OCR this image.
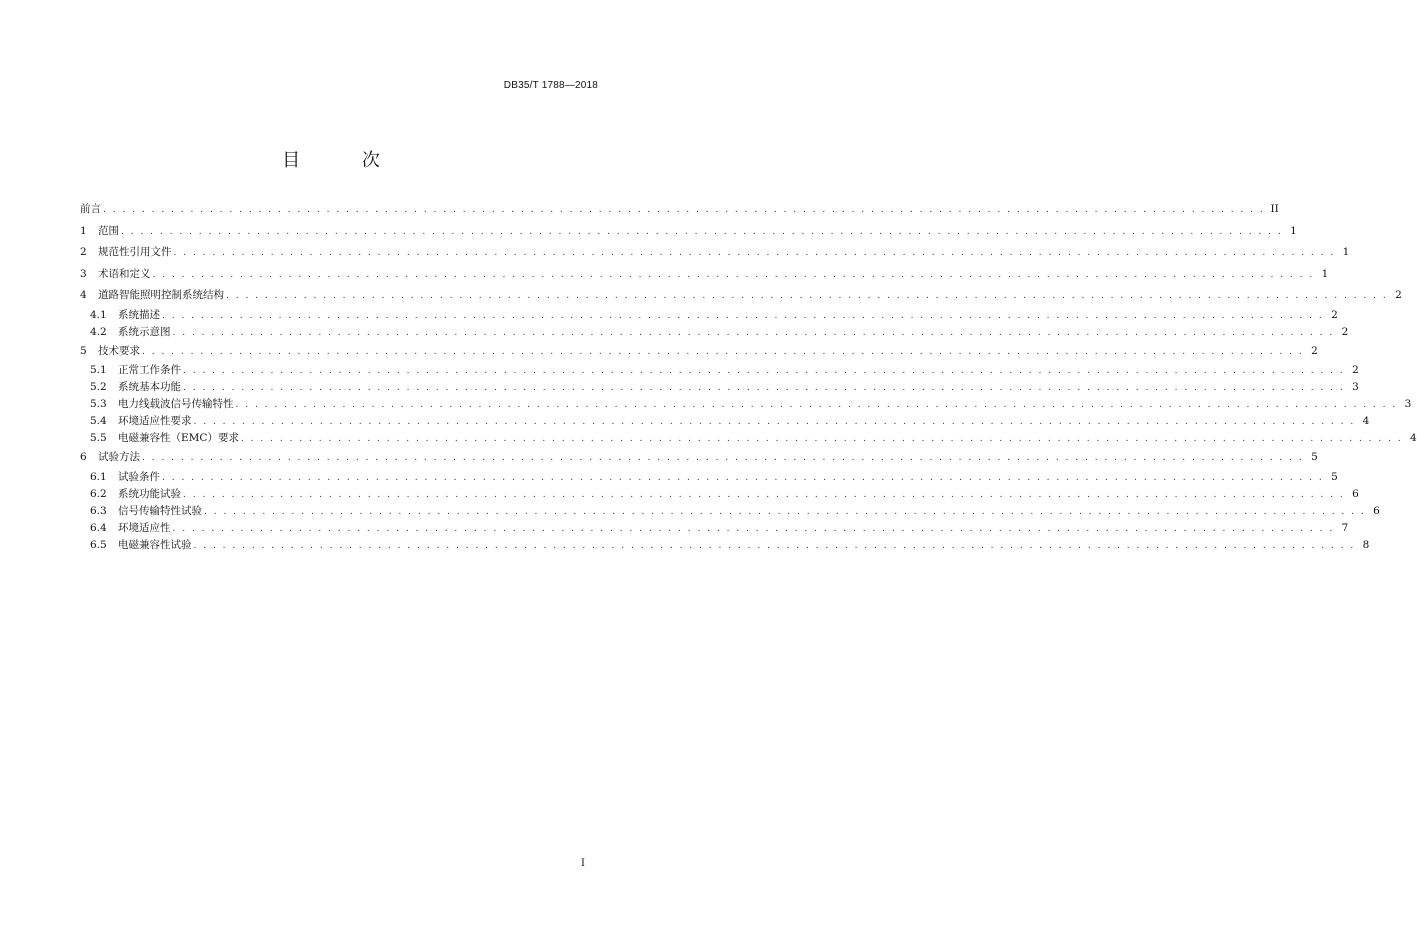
DB35/T 1788—2018
目 次
前言 . . . . . . . . . . . . . . . . . . . . . . . . . . . . . . . . . . . . . . . . . . . . . . . . . . . . . . . . . . . . . . . . . . . . . . . . . . . . . . . . . . . . . . . . . . . . . . . . . . . . . . . . . . . . . . . . . . . . . . . . II
1	范围 . . . . . . . . . . . . . . . . . . . . . . . . . . . . . . . . . . . . . . . . . . . . . . . . . . . . . . . . . . . . . . . . . . . . . . . . . . . . . . . . . . . . . . . . . . . . . . . . . . . . . . . . . . . . . . . . . . . . . . . . 1
2	规范性引用文件 . . . . . . . . . . . . . . . . . . . . . . . . . . . . . . . . . . . . . . . . . . . . . . . . . . . . . . . . . . . . . . . . . . . . . . . . . . . . . . . . . . . . . . . . . . . . . . . . . . . . . . . . . . . . . . . . . . . . . . . . 1
3	术语和定义 . . . . . . . . . . . . . . . . . . . . . . . . . . . . . . . . . . . . . . . . . . . . . . . . . . . . . . . . . . . . . . . . . . . . . . . . . . . . . . . . . . . . . . . . . . . . . . . . . . . . . . . . . . . . . . . . . . . . . . . . 1
4	道路智能照明控制系统结构 . . . . . . . . . . . . . . . . . . . . . . . . . . . . . . . . . . . . . . . . . . . . . . . . . . . . . . . . . . . . . . . . . . . . . . . . . . . . . . . . . . . . . . . . . . . . . . . . . . . . . . . . . . . . . . . . . . . . . . . . 2
4.1	系统描述 . . . . . . . . . . . . . . . . . . . . . . . . . . . . . . . . . . . . . . . . . . . . . . . . . . . . . . . . . . . . . . . . . . . . . . . . . . . . . . . . . . . . . . . . . . . . . . . . . . . . . . . . . . . . . . . . . . . . . . . . 2
4.2	系统示意图 . . . . . . . . . . . . . . . . . . . . . . . . . . . . . . . . . . . . . . . . . . . . . . . . . . . . . . . . . . . . . . . . . . . . . . . . . . . . . . . . . . . . . . . . . . . . . . . . . . . . . . . . . . . . . . . . . . . . . . . . 2
5	技术要求 . . . . . . . . . . . . . . . . . . . . . . . . . . . . . . . . . . . . . . . . . . . . . . . . . . . . . . . . . . . . . . . . . . . . . . . . . . . . . . . . . . . . . . . . . . . . . . . . . . . . . . . . . . . . . . . . . . . . . . . . 2
5.1	正常工作条件 . . . . . . . . . . . . . . . . . . . . . . . . . . . . . . . . . . . . . . . . . . . . . . . . . . . . . . . . . . . . . . . . . . . . . . . . . . . . . . . . . . . . . . . . . . . . . . . . . . . . . . . . . . . . . . . . . . . . . . . . 2
5.2	系统基本功能 . . . . . . . . . . . . . . . . . . . . . . . . . . . . . . . . . . . . . . . . . . . . . . . . . . . . . . . . . . . . . . . . . . . . . . . . . . . . . . . . . . . . . . . . . . . . . . . . . . . . . . . . . . . . . . . . . . . . . . . . 3
5.3	电力线载波信号传输特性 . . . . . . . . . . . . . . . . . . . . . . . . . . . . . . . . . . . . . . . . . . . . . . . . . . . . . . . . . . . . . . . . . . . . . . . . . . . . . . . . . . . . . . . . . . . . . . . . . . . . . . . . . . . . . . . . . . . . . . . . 3
5.4	环境适应性要求 . . . . . . . . . . . . . . . . . . . . . . . . . . . . . . . . . . . . . . . . . . . . . . . . . . . . . . . . . . . . . . . . . . . . . . . . . . . . . . . . . . . . . . . . . . . . . . . . . . . . . . . . . . . . . . . . . . . . . . . . 4
5.5	电磁兼容性（EMC）要求 . . . . . . . . . . . . . . . . . . . . . . . . . . . . . . . . . . . . . . . . . . . . . . . . . . . . . . . . . . . . . . . . . . . . . . . . . . . . . . . . . . . . . . . . . . . . . . . . . . . . . . . . . . . . . . . . . . . . . . . . 4
6	试验方法 . . . . . . . . . . . . . . . . . . . . . . . . . . . . . . . . . . . . . . . . . . . . . . . . . . . . . . . . . . . . . . . . . . . . . . . . . . . . . . . . . . . . . . . . . . . . . . . . . . . . . . . . . . . . . . . . . . . . . . . . 5
6.1	试验条件 . . . . . . . . . . . . . . . . . . . . . . . . . . . . . . . . . . . . . . . . . . . . . . . . . . . . . . . . . . . . . . . . . . . . . . . . . . . . . . . . . . . . . . . . . . . . . . . . . . . . . . . . . . . . . . . . . . . . . . . . 5
6.2	系统功能试验 . . . . . . . . . . . . . . . . . . . . . . . . . . . . . . . . . . . . . . . . . . . . . . . . . . . . . . . . . . . . . . . . . . . . . . . . . . . . . . . . . . . . . . . . . . . . . . . . . . . . . . . . . . . . . . . . . . . . . . . . 6
6.3	信号传输特性试验 . . . . . . . . . . . . . . . . . . . . . . . . . . . . . . . . . . . . . . . . . . . . . . . . . . . . . . . . . . . . . . . . . . . . . . . . . . . . . . . . . . . . . . . . . . . . . . . . . . . . . . . . . . . . . . . . . . . . . . . . 6
6.4	环境适应性 . . . . . . . . . . . . . . . . . . . . . . . . . . . . . . . . . . . . . . . . . . . . . . . . . . . . . . . . . . . . . . . . . . . . . . . . . . . . . . . . . . . . . . . . . . . . . . . . . . . . . . . . . . . . . . . . . . . . . . . . 7
6.5	电磁兼容性试验 . . . . . . . . . . . . . . . . . . . . . . . . . . . . . . . . . . . . . . . . . . . . . . . . . . . . . . . . . . . . . . . . . . . . . . . . . . . . . . . . . . . . . . . . . . . . . . . . . . . . . . . . . . . . . . . . . . . . . . . . 8
I
